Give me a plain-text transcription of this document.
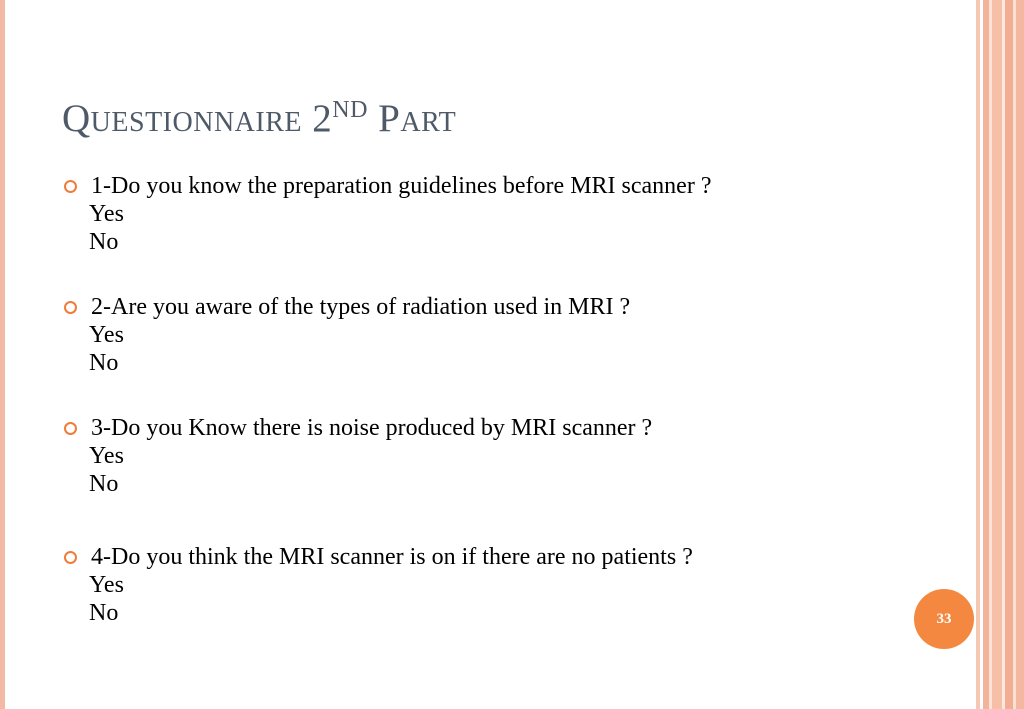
QUESTIONNAIRE 2ND PART
1-Do you know the preparation guidelines before MRI scanner ?
Yes
No
2-Are you aware of the types of radiation used in MRI ?
Yes
No
3-Do you Know there is noise produced by MRI scanner ?
Yes
No
4-Do you think the MRI scanner is on if there are no patients ?
Yes
No	33
